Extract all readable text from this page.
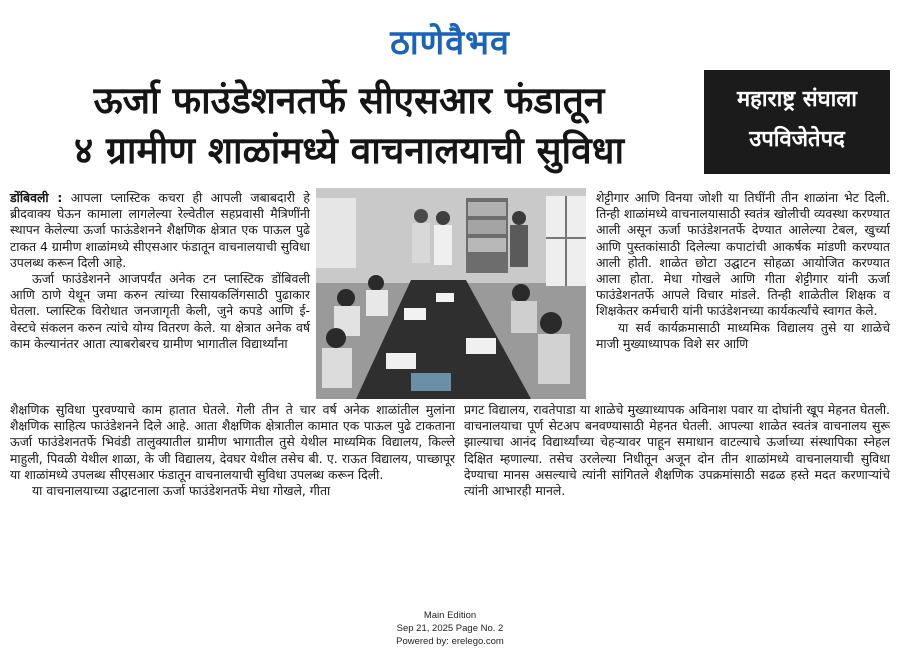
ठाणेवैभव
ऊर्जा फाउंडेशनतर्फे सीएसआर फंडातून
४ ग्रामीण शाळांमध्ये वाचनालयाची सुविधा
महाराष्ट्र संघाला
उपविजेतेपद

डोंबिवली : आपला प्लास्टिक कचरा ही आपली जबाबदारी हे ब्रीदवाक्य घेऊन कामाला लागलेल्या रेल्वेतील सहप्रवासी मैत्रिणींनी स्थापन केलेल्या ऊर्जा फाऊंडेशनने शैक्षणिक क्षेत्रात एक पाऊल पुढे टाकत 4 ग्रामीण शाळांमध्ये सीएसआर फंडातून वाचनालयाची सुविधा उपलब्ध करून दिली आहे.

ऊर्जा फाउंडेशनने आजपर्यंत अनेक टन प्लास्टिक डोंबिवली आणि ठाणे येथून जमा करुन त्यांच्या रिसायकलिंगसाठी पुढाकार घेतला. प्लास्टिक विरोधात जनजागृती केली, जुने कपडे आणि ई-वेस्टचे संकलन करुन त्यांचे योग्य वितरण केले. या क्षेत्रात अनेक वर्ष काम केल्यानंतर आता त्याबरोबरच ग्रामीण भागातील विद्यार्थ्यांना

शैक्षणिक सुविधा पुरवण्याचे काम हातात घेतले. गेली तीन ते चार वर्ष अनेक शाळांतील मुलांना शैक्षणिक साहित्य फाउंडेशनने दिले आहे. आता शैक्षणिक क्षेत्रातील कामात एक पाऊल पुढे टाकताना ऊर्जा फाउंडेशनतर्फे भिवंडी तालुक्यातील ग्रामीण भागातील तुसे येथील माध्यमिक विद्यालय, किल्ले माहुली, पिवळी येथील शाळा, के जी विद्यालय, देवघर येथील तसेच बी. ए. राऊत विद्यालय, पाच्छापूर या शाळांमध्ये उपलब्ध सीएसआर फंडातून वाचनालयाची सुविधा उपलब्ध करून दिली.

या वाचनालयाच्या उद्घाटनाला ऊर्जा फाउंडेशनतर्फे मेधा गोखले, गीता

शेट्टीगार आणि विनया जोशी या तिघींनी तीन शाळांना भेट दिली. तिन्ही शाळांमध्ये वाचनालयासाठी स्वतंत्र खोलीची व्यवस्था करण्यात आली असून ऊर्जा फाउंडेशनतर्फे देण्यात आलेल्या टेबल, खुर्च्या आणि पुस्तकांसाठी दिलेल्या कपाटांची आकर्षक मांडणी करण्यात आली होती. शाळेत छोटा उद्घाटन सोहळा आयोजित करण्यात आला होता. मेधा गोखले आणि गीता शेट्टीगार यांनी ऊर्जा फाउंडेशनतर्फे आपले विचार मांडले. तिन्ही शाळेतील शिक्षक व शिक्षकेतर कर्मचारी यांनी फाउंडेशनच्या कार्यकर्त्यांचे स्वागत केले.

या सर्व कार्यक्रमासाठी माध्यमिक विद्यालय तुसे या शाळेचे माजी मुख्याध्यापक विशे सर आणि

प्रगट विद्यालय, रावतेपाडा या शाळेचे मुख्याध्यापक अविनाश पवार या दोघांनी खूप मेहनत घेतली. वाचनालयाचा पूर्ण सेटअप बनवण्यासाठी मेहनत घेतली. आपल्या शाळेत स्वतंत्र वाचनालय सुरू झाल्याचा आनंद विद्यार्थ्यांच्या चेहऱ्यावर पाहून समाधान वाटल्याचे ऊर्जाच्या संस्थापिका स्नेहल दिक्षित म्हणाल्या. तसेच उरलेल्या निधीतून अजून दोन तीन शाळांमध्ये वाचनालयाची सुविधा देण्याचा मानस असल्याचे त्यांनी सांगितले शैक्षणिक उपक्रमांसाठी सढळ हस्ते मदत करणाऱ्यांचे त्यांनी आभारही मानले.

Main Edition
Sep 21, 2025 Page No. 2
Powered by: erelego.com
